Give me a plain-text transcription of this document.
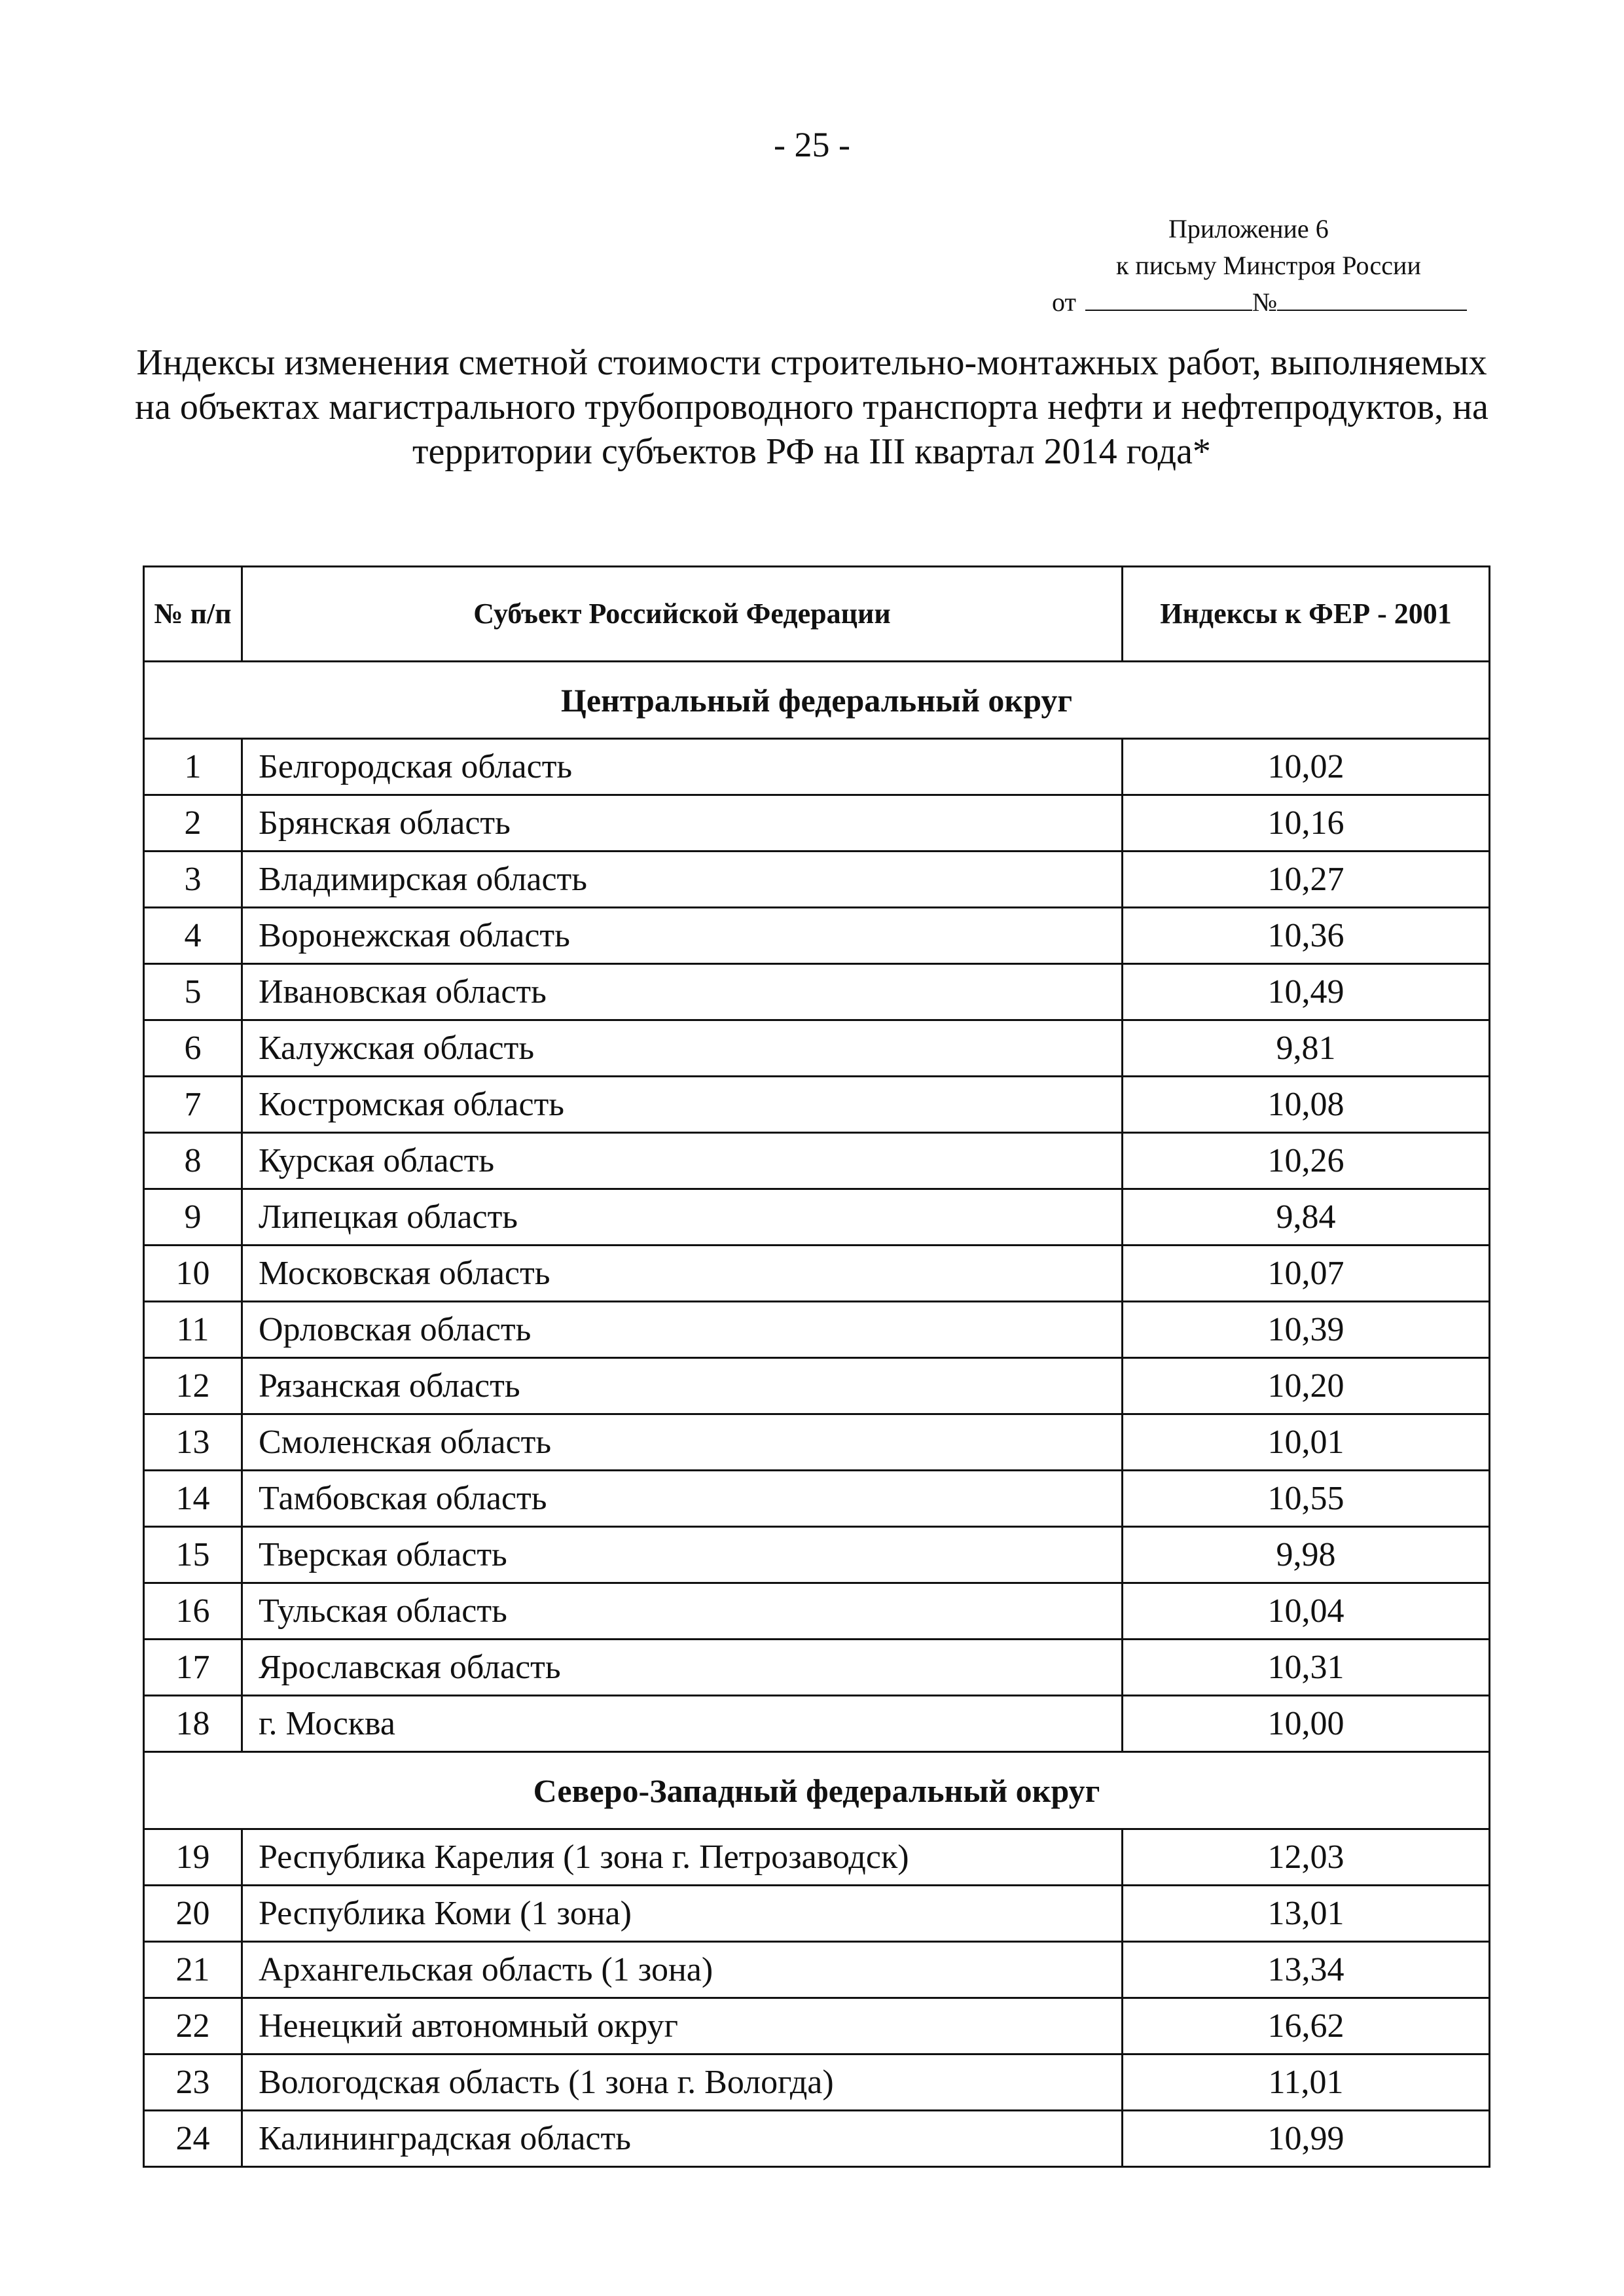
- 25 -
Приложение 6
к письму Минстроя России
от	№
Индексы изменения сметной стоимости строительно-монтажных работ, выполняемых на объектах магистрального трубопроводного транспорта нефти и нефтепродуктов, на территории субъектов РФ на III квартал 2014 года*
№ п/п	Субъект Российской Федерации	Индексы к ФЕР - 2001
Центральный федеральный округ		
1	Белгородская область	10,02
2	Брянская область	10,16
3	Владимирская область	10,27
4	Воронежская область	10,36
5	Ивановская область	10,49
6	Калужская область	9,81
7	Костромская область	10,08
8	Курская область	10,26
9	Липецкая область	9,84
10	Московская область	10,07
11	Орловская область	10,39
12	Рязанская область	10,20
13	Смоленская область	10,01
14	Тамбовская область	10,55
15	Тверская область	9,98
16	Тульская область	10,04
17	Ярославская область	10,31
18	г. Москва	10,00
Северо-Западный федеральный округ		
19	Республика Карелия (1 зона г. Петрозаводск)	12,03
20	Республика Коми (1 зона)	13,01
21	Архангельская область (1 зона)	13,34
22	Ненецкий автономный округ	16,62
23	Вологодская область (1 зона г. Вологда)	11,01
24	Калининградская область	10,99
